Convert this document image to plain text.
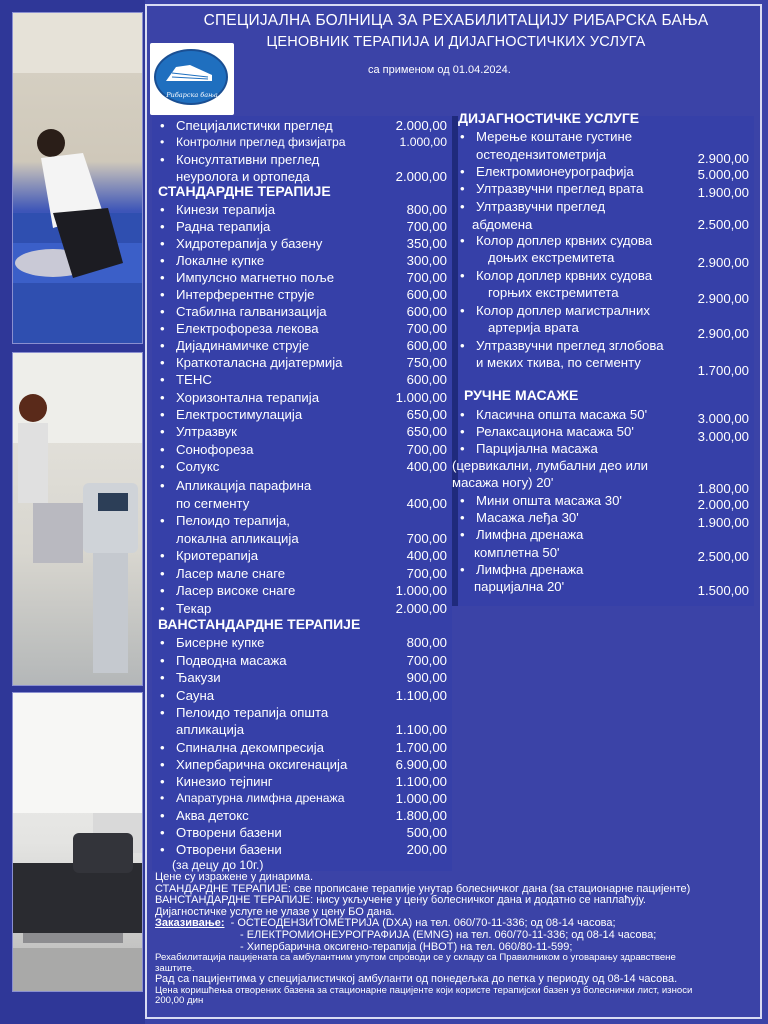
СПЕЦИЈАЛНА БОЛНИЦА ЗА РЕХАБИЛИТАЦИЈУ РИБАРСКА БАЊА
ЦЕНОВНИК ТЕРАПИЈА И ДИЈАГНОСТИЧКИХ УСЛУГА
са применом од 01.04.2024.
Рибарска бања
• Специјалистички преглед	2.000,00
• Контролни преглед физијатра	1.000,00
• Консултативни преглед
неуролога и ортопеда	2.000,00
СТАНДАРДНЕ ТЕРАПИЈЕ
• Кинези терапија	800,00
• Радна терапија	700,00
• Хидротерапија у базену	350,00
• Локалне купке	300,00
• Импулсно магнетно поље	700,00
• Интерферентне струје	600,00
• Стабилна галванизација	600,00
• Електрофореза лекова	700,00
• Дијадинамичке струје	600,00
• Краткоталасна дијатермија	750,00
• ТЕНС	600,00
• Хоризонтална терапија	1.000,00
• Електростимулација	650,00
• Ултразвук	650,00
• Сонофореза	700,00
• Солукс	400,00
• Апликација парафина
по сегменту	400,00
• Пелоидо терапија,
локална апликација	700,00
• Криотерапија	400,00
• Ласер мале снаге	700,00
• Ласер високе снаге	1.000,00
• Текар	2.000,00
ВАНСТАНДАРДНЕ ТЕРАПИЈЕ
• Бисерне купке	800,00
• Подводна масажа	700,00
• Ђакузи	900,00
• Сауна	1.100,00
• Пелоидо терапија општа
апликација	1.100,00
• Спинална декомпресија	1.700,00
• Хипербарична оксигенација	6.900,00
• Кинезио тејпинг	1.100,00
• Апаратурна лимфна дренажа	1.000,00
• Аква детокс	1.800,00
• Отворени базени	500,00
• Отворени базени	200,00
(за децу до 10г.)
ДИЈАГНОСТИЧКЕ УСЛУГЕ
• Мерење коштане густине
остеодензитометрија	2.900,00
• Електромионеурографија	5.000,00
• Ултразвучни преглед врата	1.900,00
• Ултразвучни преглед
абдомена	2.500,00
• Колор доплер крвних судова
доњих екстремитета	2.900,00
• Колор доплер крвних судова
горњих екстремитета	2.900,00
• Колор доплер магистралних
артерија врата	2.900,00
• Ултразвучни преглед зглобова
и меких ткива, по сегменту
1.700,00
РУЧНЕ МАСАЖЕ
• Класична општа масажа 50'	3.000,00
• Релаксациона масажа 50'	3.000,00
• Парцијална масажа
(цервикални, лумбални део или
масажа ногу) 20'	1.800,00
• Мини општа масажа 30'	2.000,00
• Масажа леђа 30'	1.900,00
• Лимфна дренажа
комплетна 50'	2.500,00
• Лимфна дренажа
парцијална 20'	1.500,00
Цене су изражене у динарима.
СТАНДАРДНЕ ТЕРАПИЈЕ: све прописане терапије унутар болесничког дана (за стационарне пацијенте)
ВАНСТАНДАРДНЕ ТЕРАПИЈЕ: нису укључене у цену болесничког дана и додатно се наплаћују.
Дијагностичке услуге не улазе у цену БО дана.
Заказивање: - ОСТЕОДЕНЗИТОМЕТРИЈА (DXA) на тел. 060/70-11-336; од 08-14 часова;
- ЕЛЕКТРОМИОНЕУРОГРАФИЈА (EMNG) на тел. 060/70-11-336; од 08-14 часова;
- Хипербарична оксигено-терапија (HBOT) на тел. 060/80-11-599;
Рехабилитација пацијената са амбулантним упутом спроводи се у складу са Правилником о уговарању здравствене
заштите.
Рад са пацијентима у специјалистичкој амбуланти од понедељка до петка у периоду од 08-14 часова.
Цена коришћења отворених базена за стационарне пацијенте који користе терапијски базен уз болеснички лист, износи
200,00 дин
